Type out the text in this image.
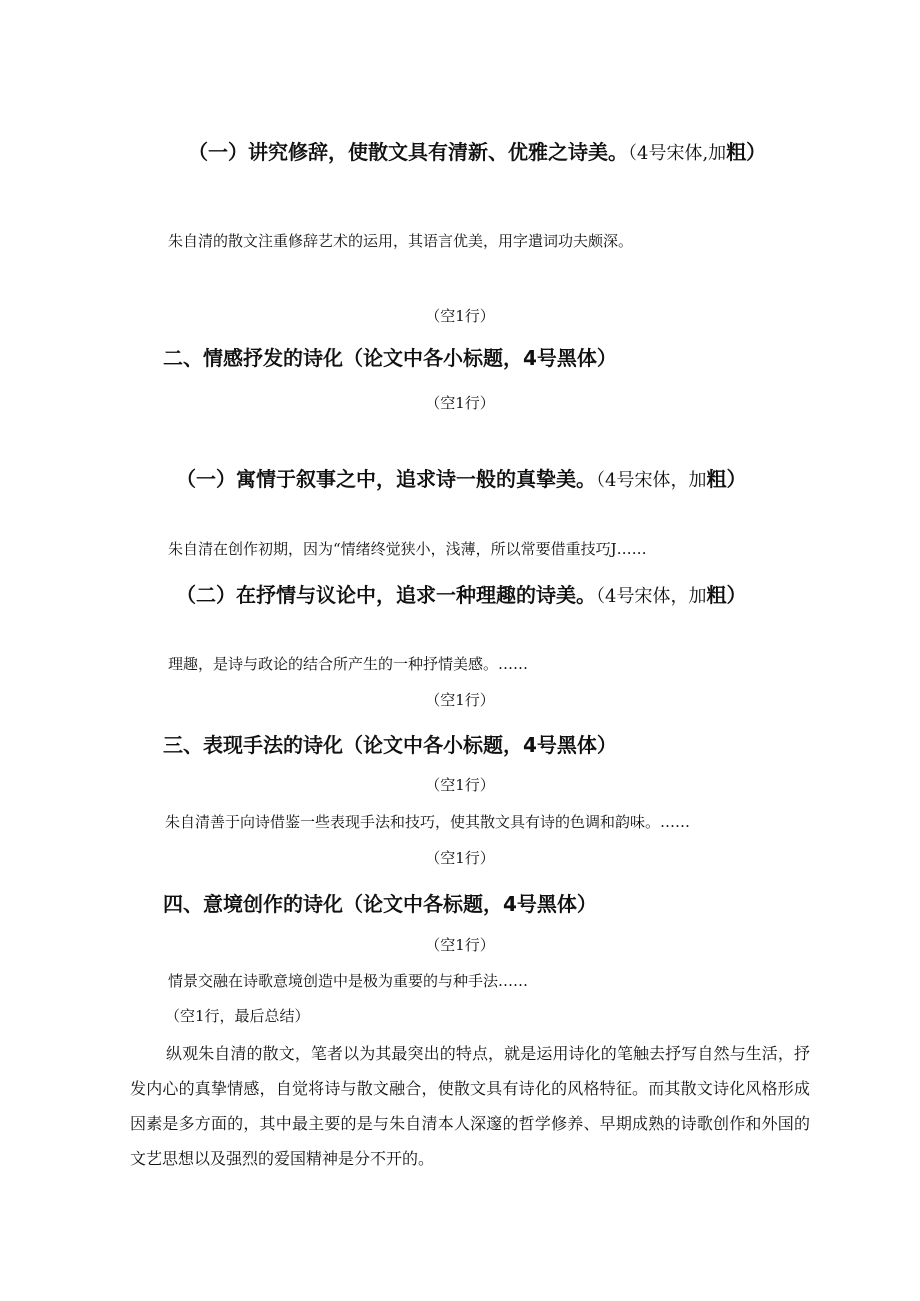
（一）讲究修辞，使散文具有清新、优雅之诗美。（4号宋体,加粗）

朱自清的散文注重修辞艺术的运用，其语言优美，用字遣词功夫颇深。

（空1行）

二、情感抒发的诗化（论文中各小标题，4号黑体）

（空1行）

（一）寓情于叙事之中，追求诗一般的真挚美。（4号宋体，加粗）

朱自清在创作初期，因为“情绪终觉狭小，浅薄，所以常要借重技巧J……

（二）在抒情与议论中，追求一种理趣的诗美。（4号宋体，加粗）

理趣，是诗与政论的结合所产生的一种抒情美感。……

（空1行）

三、表现手法的诗化（论文中各小标题，4号黑体）

（空1行）

朱自清善于向诗借鉴一些表现手法和技巧，使其散文具有诗的色调和韵味。……

（空1行）

四、意境创作的诗化（论文中各标题，4号黑体）

（空1行）

情景交融在诗歌意境创造中是极为重要的与种手法……

（空1行，最后总结）

纵观朱自清的散文，笔者以为其最突出的特点，就是运用诗化的笔触去抒写自然与生活，抒发内心的真挚情感，自觉将诗与散文融合，使散文具有诗化的风格特征。而其散文诗化风格形成因素是多方面的，其中最主要的是与朱自清本人深邃的哲学修养、早期成熟的诗歌创作和外国的文艺思想以及强烈的爱国精神是分不开的。
